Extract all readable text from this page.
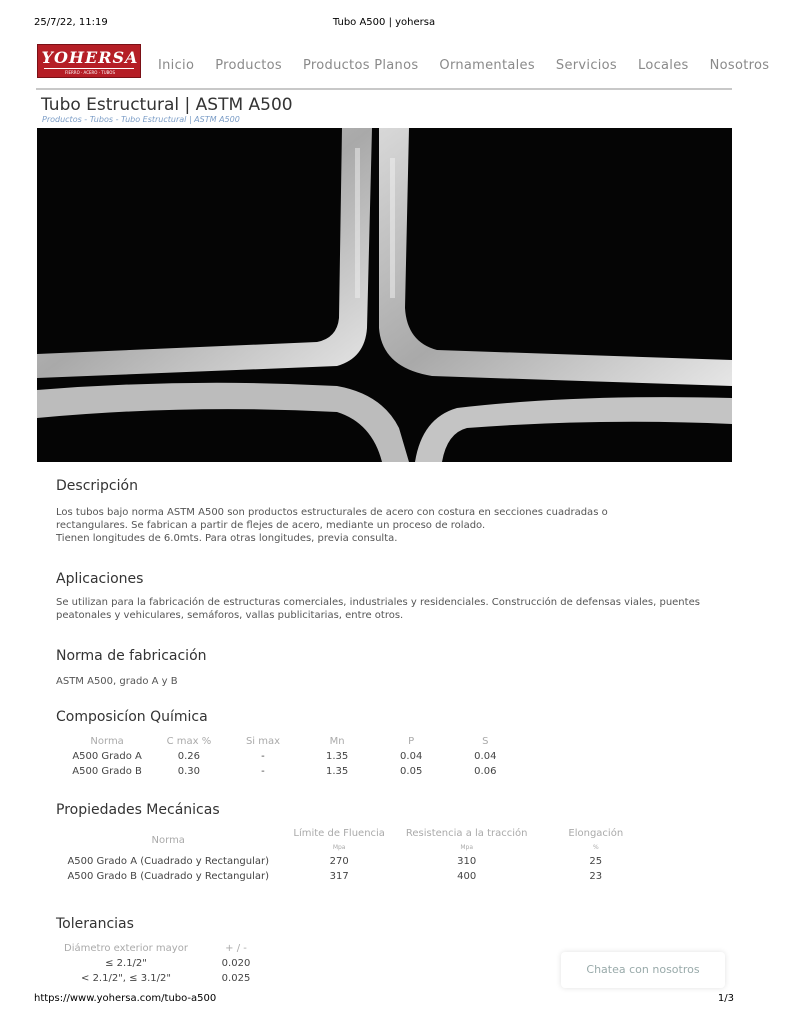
25/7/22, 11:19	Tubo A500 | yohersa
YOHERSA
FIERRO · ACERO · TUBOS	Inicio Productos Productos Planos Ornamentales Servicios Locales Nosotros
Tubo Estructural | ASTM A500
Productos - Tubos - Tubo Estructural | ASTM A500
Descripción
Los tubos bajo norma ASTM A500 son productos estructurales de acero con costura en secciones cuadradas o
rectangulares. Se fabrican a partir de flejes de acero, mediante un proceso de rolado.
Tienen longitudes de 6.0mts. Para otras longitudes, previa consulta.
Aplicaciones
Se utilizan para la fabricación de estructuras comerciales, industriales y residenciales. Construcción de defensas viales, puentes
peatonales y vehiculares, semáforos, vallas publicitarias, entre otros.
Norma de fabricación
ASTM A500, grado A y B
Composicíon Química
Norma	C max %	Si max	Mn	P	S
A500 Grado A	0.26	-	1.35	0.04	0.04
A500 Grado B	0.30	-	1.35	0.05	0.06
Propiedades Mecánicas
Norma	Límite de Fluencia	Resistencia a la tracción	Elongación
	Mpa	Mpa	%
A500 Grado A (Cuadrado y Rectangular)	270	310	25
A500 Grado B (Cuadrado y Rectangular)	317	400	23
Tolerancias
Diámetro exterior mayor	+ / -
≤ 2.1/2"	0.020
< 2.1/2", ≤ 3.1/2"	0.025
Chatea con nosotros
https://www.yohersa.com/tubo-a500	1/3
